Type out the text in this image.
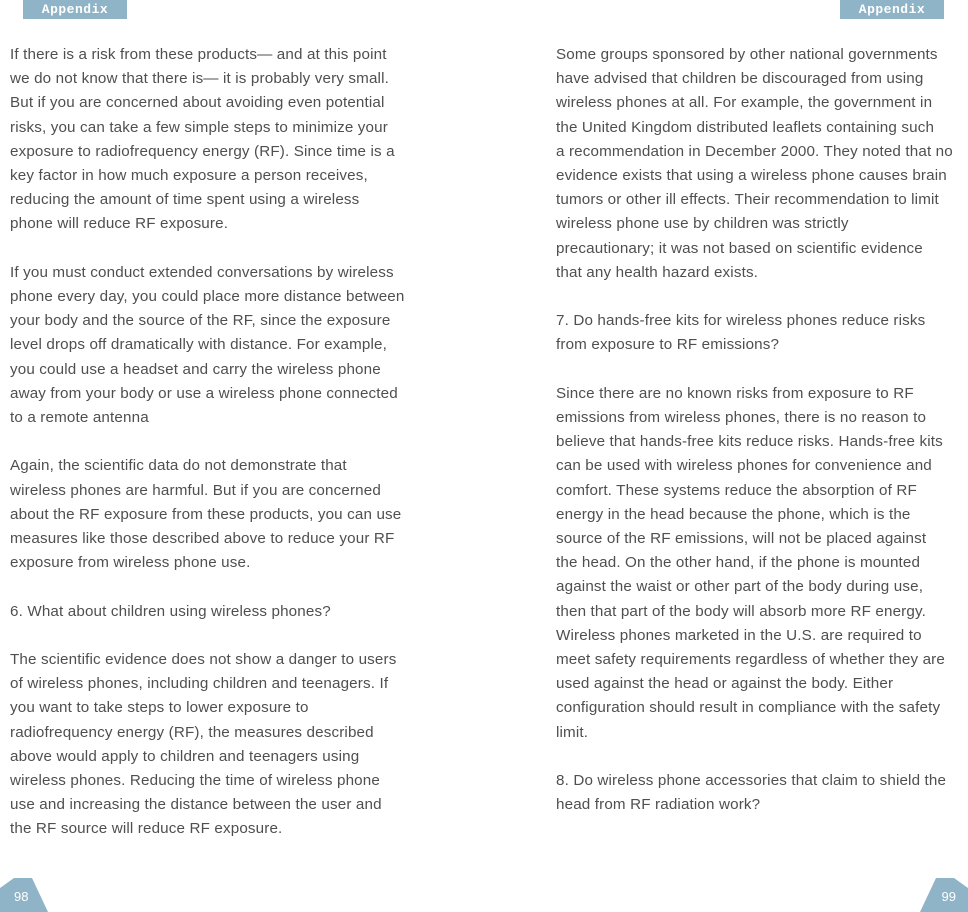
Appendix	Appendix

If there is a risk from these products— and at this point
we do not know that there is— it is probably very small.
But if you are concerned about avoiding even potential
risks, you can take a few simple steps to minimize your
exposure to radiofrequency energy (RF). Since time is a
key factor in how much exposure a person receives,
reducing the amount of time spent using a wireless
phone will reduce RF exposure.

If you must conduct extended conversations by wireless
phone every day, you could place more distance between
your body and the source of the RF, since the exposure
level drops off dramatically with distance. For example,
you could use a headset and carry the wireless phone
away from your body or use a wireless phone connected
to a remote antenna

Again, the scientific data do not demonstrate that
wireless phones are harmful. But if you are concerned
about the RF exposure from these products, you can use
measures like those described above to reduce your RF
exposure from wireless phone use.

6. What about children using wireless phones?

The scientific evidence does not show a danger to users
of wireless phones, including children and teenagers. If
you want to take steps to lower exposure to
radiofrequency energy (RF), the measures described
above would apply to children and teenagers using
wireless phones. Reducing the time of wireless phone
use and increasing the distance between the user and
the RF source will reduce RF exposure.

Some groups sponsored by other national governments
have advised that children be discouraged from using
wireless phones at all. For example, the government in
the United Kingdom distributed leaflets containing such
a recommendation in December 2000. They noted that no
evidence exists that using a wireless phone causes brain
tumors or other ill effects. Their recommendation to limit
wireless phone use by children was strictly
precautionary; it was not based on scientific evidence
that any health hazard exists.

7. Do hands-free kits for wireless phones reduce risks
from exposure to RF emissions?

Since there are no known risks from exposure to RF
emissions from wireless phones, there is no reason to
believe that hands-free kits reduce risks. Hands-free kits
can be used with wireless phones for convenience and
comfort. These systems reduce the absorption of RF
energy in the head because the phone, which is the
source of the RF emissions, will not be placed against
the head. On the other hand, if the phone is mounted
against the waist or other part of the body during use,
then that part of the body will absorb more RF energy.
Wireless phones marketed in the U.S. are required to
meet safety requirements regardless of whether they are
used against the head or against the body. Either
configuration should result in compliance with the safety
limit.

8. Do wireless phone accessories that claim to shield the
head from RF radiation work?

98	99
